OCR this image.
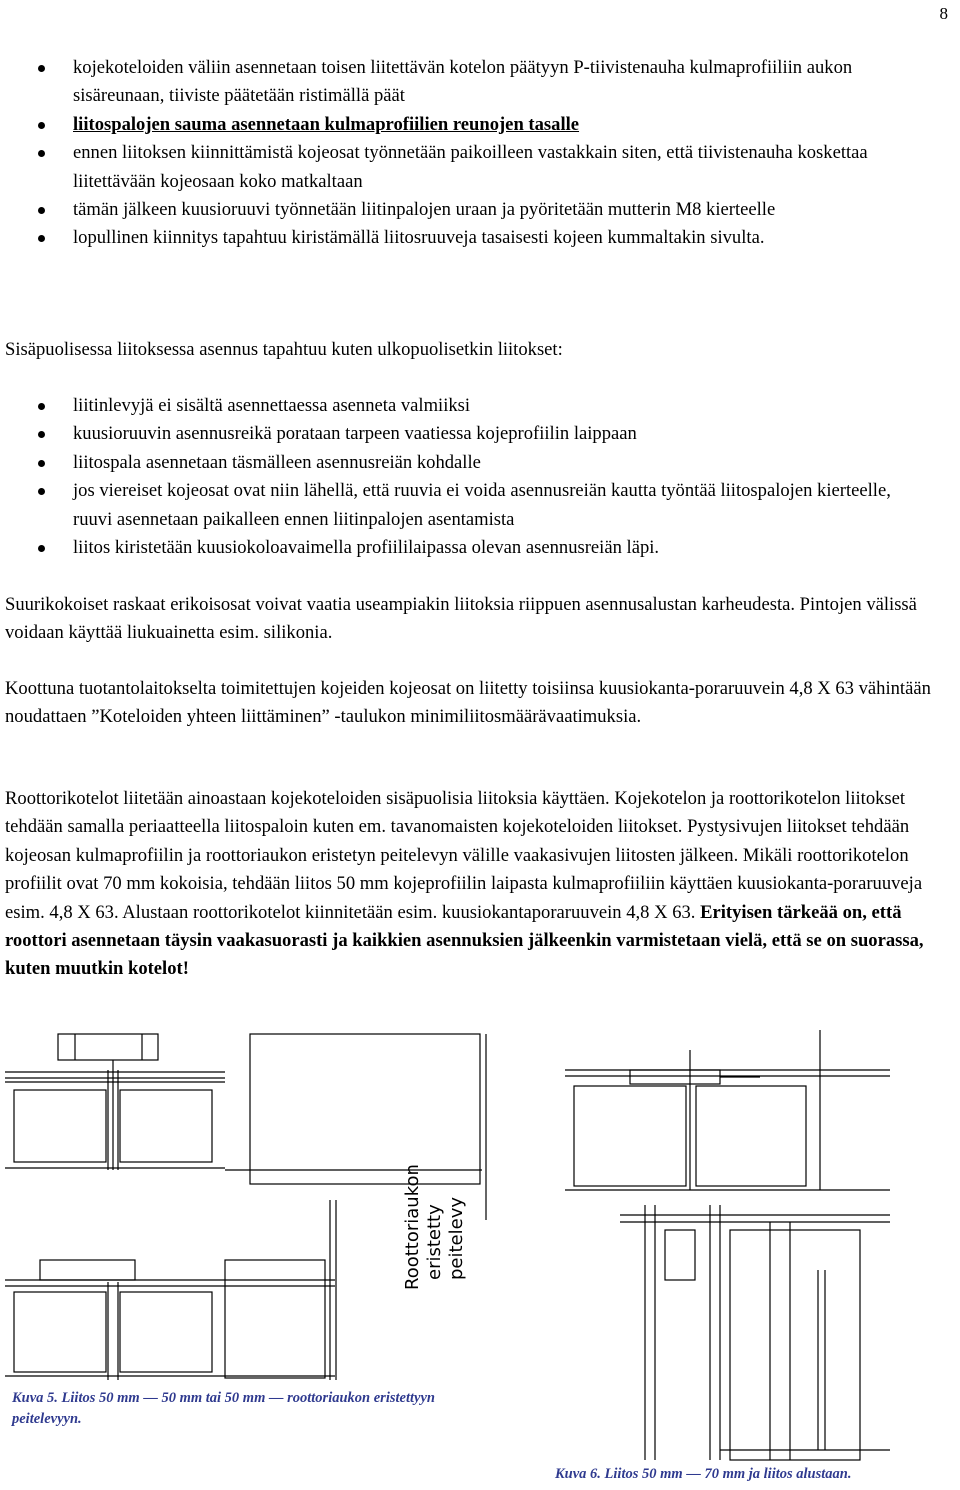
8
kojekoteloiden väliin asennetaan toisen liitettävän kotelon päätyyn P-tiivistenauha kulmaprofiiliin aukon sisäreunaan, tiiviste päätetään ristimällä päät
liitospalojen sauma asennetaan kulmaprofiilien reunojen tasalle
ennen liitoksen kiinnittämistä kojeosat työnnetään paikoilleen vastakkain siten, että tiivistenauha koskettaa liitettävään kojeosaan koko matkaltaan
tämän jälkeen kuusioruuvi työnnetään liitinpalojen uraan ja pyöritetään mutterin M8 kierteelle
lopullinen kiinnitys tapahtuu kiristämällä liitosruuveja tasaisesti kojeen kummaltakin sivulta.

Sisäpuolisessa liitoksessa asennus tapahtuu kuten ulkopuolisetkin liitokset:

liitinlevyjä ei sisältä asennettaessa asenneta valmiiksi
kuusioruuvin asennusreikä porataan tarpeen vaatiessa kojeprofiilin laippaan
liitospala asennetaan täsmälleen asennusreiän kohdalle
jos viereiset kojeosat ovat niin lähellä, että ruuvia ei voida asennusreiän kautta työntää liitospalojen kierteelle, ruuvi asennetaan paikalleen ennen liitinpalojen asentamista
liitos kiristetään kuusiokoloavaimella profiililaipassa olevan asennusreiän läpi.

Suurikokoiset raskaat erikoisosat voivat vaatia useampiakin liitoksia riippuen asennusalustan karheudesta. Pintojen välissä voidaan käyttää liukuainetta esim. silikonia.

Koottuna tuotantolaitokselta toimitettujen kojeiden kojeosat on liitetty toisiinsa kuusiokanta-poraruuvein 4,8 X 63 vähintään noudattaen ”Koteloiden yhteen liittäminen” -taulukon minimiliitosmäärävaatimuksia.

Roottorikotelot liitetään ainoastaan kojekoteloiden sisäpuolisia liitoksia käyttäen. Kojekotelon ja roottorikotelon liitokset tehdään samalla periaatteella liitospaloin kuten em. tavanomaisten kojekoteloiden liitokset. Pystysivujen liitokset tehdään kojeosan kulmaprofiilin ja roottoriaukon eristetyn peitelevyn välille vaakasivujen liitosten jälkeen. Mikäli roottorikotelon profiilit ovat 70 mm kokoisia, tehdään liitos 50 mm kojeprofiilin laipasta kulmaprofiiliin käyttäen kuusiokanta-poraruuveja esim. 4,8 X 63. Alustaan roottorikotelot kiinnitetään esim. kuusiokantaporaruuvein 4,8 X 63. Erityisen tärkeää on, että roottori asennetaan täysin vaakasuorasti ja kaikkien asennuksien jälkeenkin varmistetaan vielä, että se on suorassa, kuten muutkin kotelot!

Roottoriaukon eristetty peitelevy
Kuva 5. Liitos 50 mm — 50 mm tai 50 mm — roottoriaukon eristettyyn peitelevyyn.
Kuva 6. Liitos 50 mm — 70 mm ja liitos alustaan.
